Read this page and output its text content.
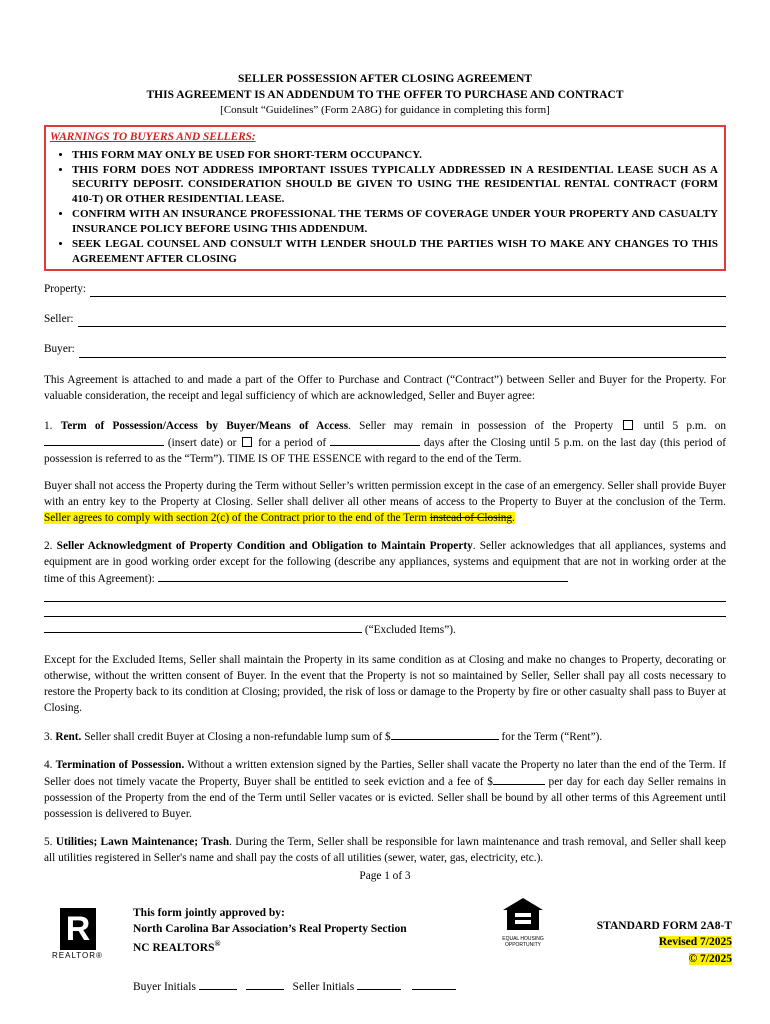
SELLER POSSESSION AFTER CLOSING AGREEMENT
THIS AGREEMENT IS AN ADDENDUM TO THE OFFER TO PURCHASE AND CONTRACT
[Consult “Guidelines” (Form 2A8G) for guidance in completing this form]
WARNINGS TO BUYERS AND SELLERS:
• THIS FORM MAY ONLY BE USED FOR SHORT-TERM OCCUPANCY.
• THIS FORM DOES NOT ADDRESS IMPORTANT ISSUES TYPICALLY ADDRESSED IN A RESIDENTIAL LEASE SUCH AS A SECURITY DEPOSIT. CONSIDERATION SHOULD BE GIVEN TO USING THE RESIDENTIAL RENTAL CONTRACT (FORM 410-T) OR OTHER RESIDENTIAL LEASE.
• CONFIRM WITH AN INSURANCE PROFESSIONAL THE TERMS OF COVERAGE UNDER YOUR PROPERTY AND CASUALTY INSURANCE POLICY BEFORE USING THIS ADDENDUM.
• SEEK LEGAL COUNSEL AND CONSULT WITH LENDER SHOULD THE PARTIES WISH TO MAKE ANY CHANGES TO THIS AGREEMENT AFTER CLOSING
Property:
Seller:
Buyer:

This Agreement is attached to and made a part of the Offer to Purchase and Contract (“Contract”) between Seller and Buyer for the Property. For valuable consideration, the receipt and legal sufficiency of which are acknowledged, Seller and Buyer agree:

1. Term of Possession/Access by Buyer/Means of Access. Seller may remain in possession of the Property	until 5 p.m. on  (insert date) or for a period of	days after the Closing until 5 p.m. on the last day (this period of possession is referred to as the “Term”). TIME IS OF THE ESSENCE with regard to the end of the Term.

Buyer shall not access the Property during the Term without Seller’s written permission except in the case of an emergency. Seller shall provide Buyer with an entry key to the Property at Closing. Seller shall deliver all other means of access to the Property to Buyer at the conclusion of the Term. Seller agrees to comply with section 2(c) of the Contract prior to the end of the Term instead of Closing.

2. Seller Acknowledgment of Property Condition and Obligation to Maintain Property. Seller acknowledges that all appliances, systems and equipment are in good working order except for the following (describe any appliances, systems and equipment that are not in working order at the time of this Agreement):

(“Excluded Items”).

Except for the Excluded Items, Seller shall maintain the Property in its same condition as at Closing and make no changes to Property, decorating or otherwise, without the written consent of Buyer. In the event that the Property is not so maintained by Seller, Seller shall pay all costs necessary to restore the Property back to its condition at Closing; provided, the risk of loss or damage to the Property by fire or other casualty shall pass to Buyer at Closing.

3. Rent. Seller shall credit Buyer at Closing a non-refundable lump sum of $	for the Term (“Rent”).

4. Termination of Possession. Without a written extension signed by the Parties, Seller shall vacate the Property no later than the end of the Term. If Seller does not timely vacate the Property, Buyer shall be entitled to seek eviction and a fee of $	per day for each day Seller remains in possession of the Property from the end of the Term until Seller vacates or is evicted. Seller shall be bound by all other terms of this Agreement until possession is delivered to Buyer.

5. Utilities; Lawn Maintenance; Trash. During the Term, Seller shall be responsible for lawn maintenance and trash removal, and Seller shall keep all utilities registered in Seller's name and shall pay the costs of all utilities (sewer, water, gas, electricity, etc.).

Page 1 of 3
R
REALTOR®
This form jointly approved by:
North Carolina Bar Association’s Real Property Section
NC REALTORS®	EQUAL HOUSING OPPORTUNITY
STANDARD FORM 2A8-T
Revised 7/2025
© 7/2025
Buyer Initials	Seller Initials
